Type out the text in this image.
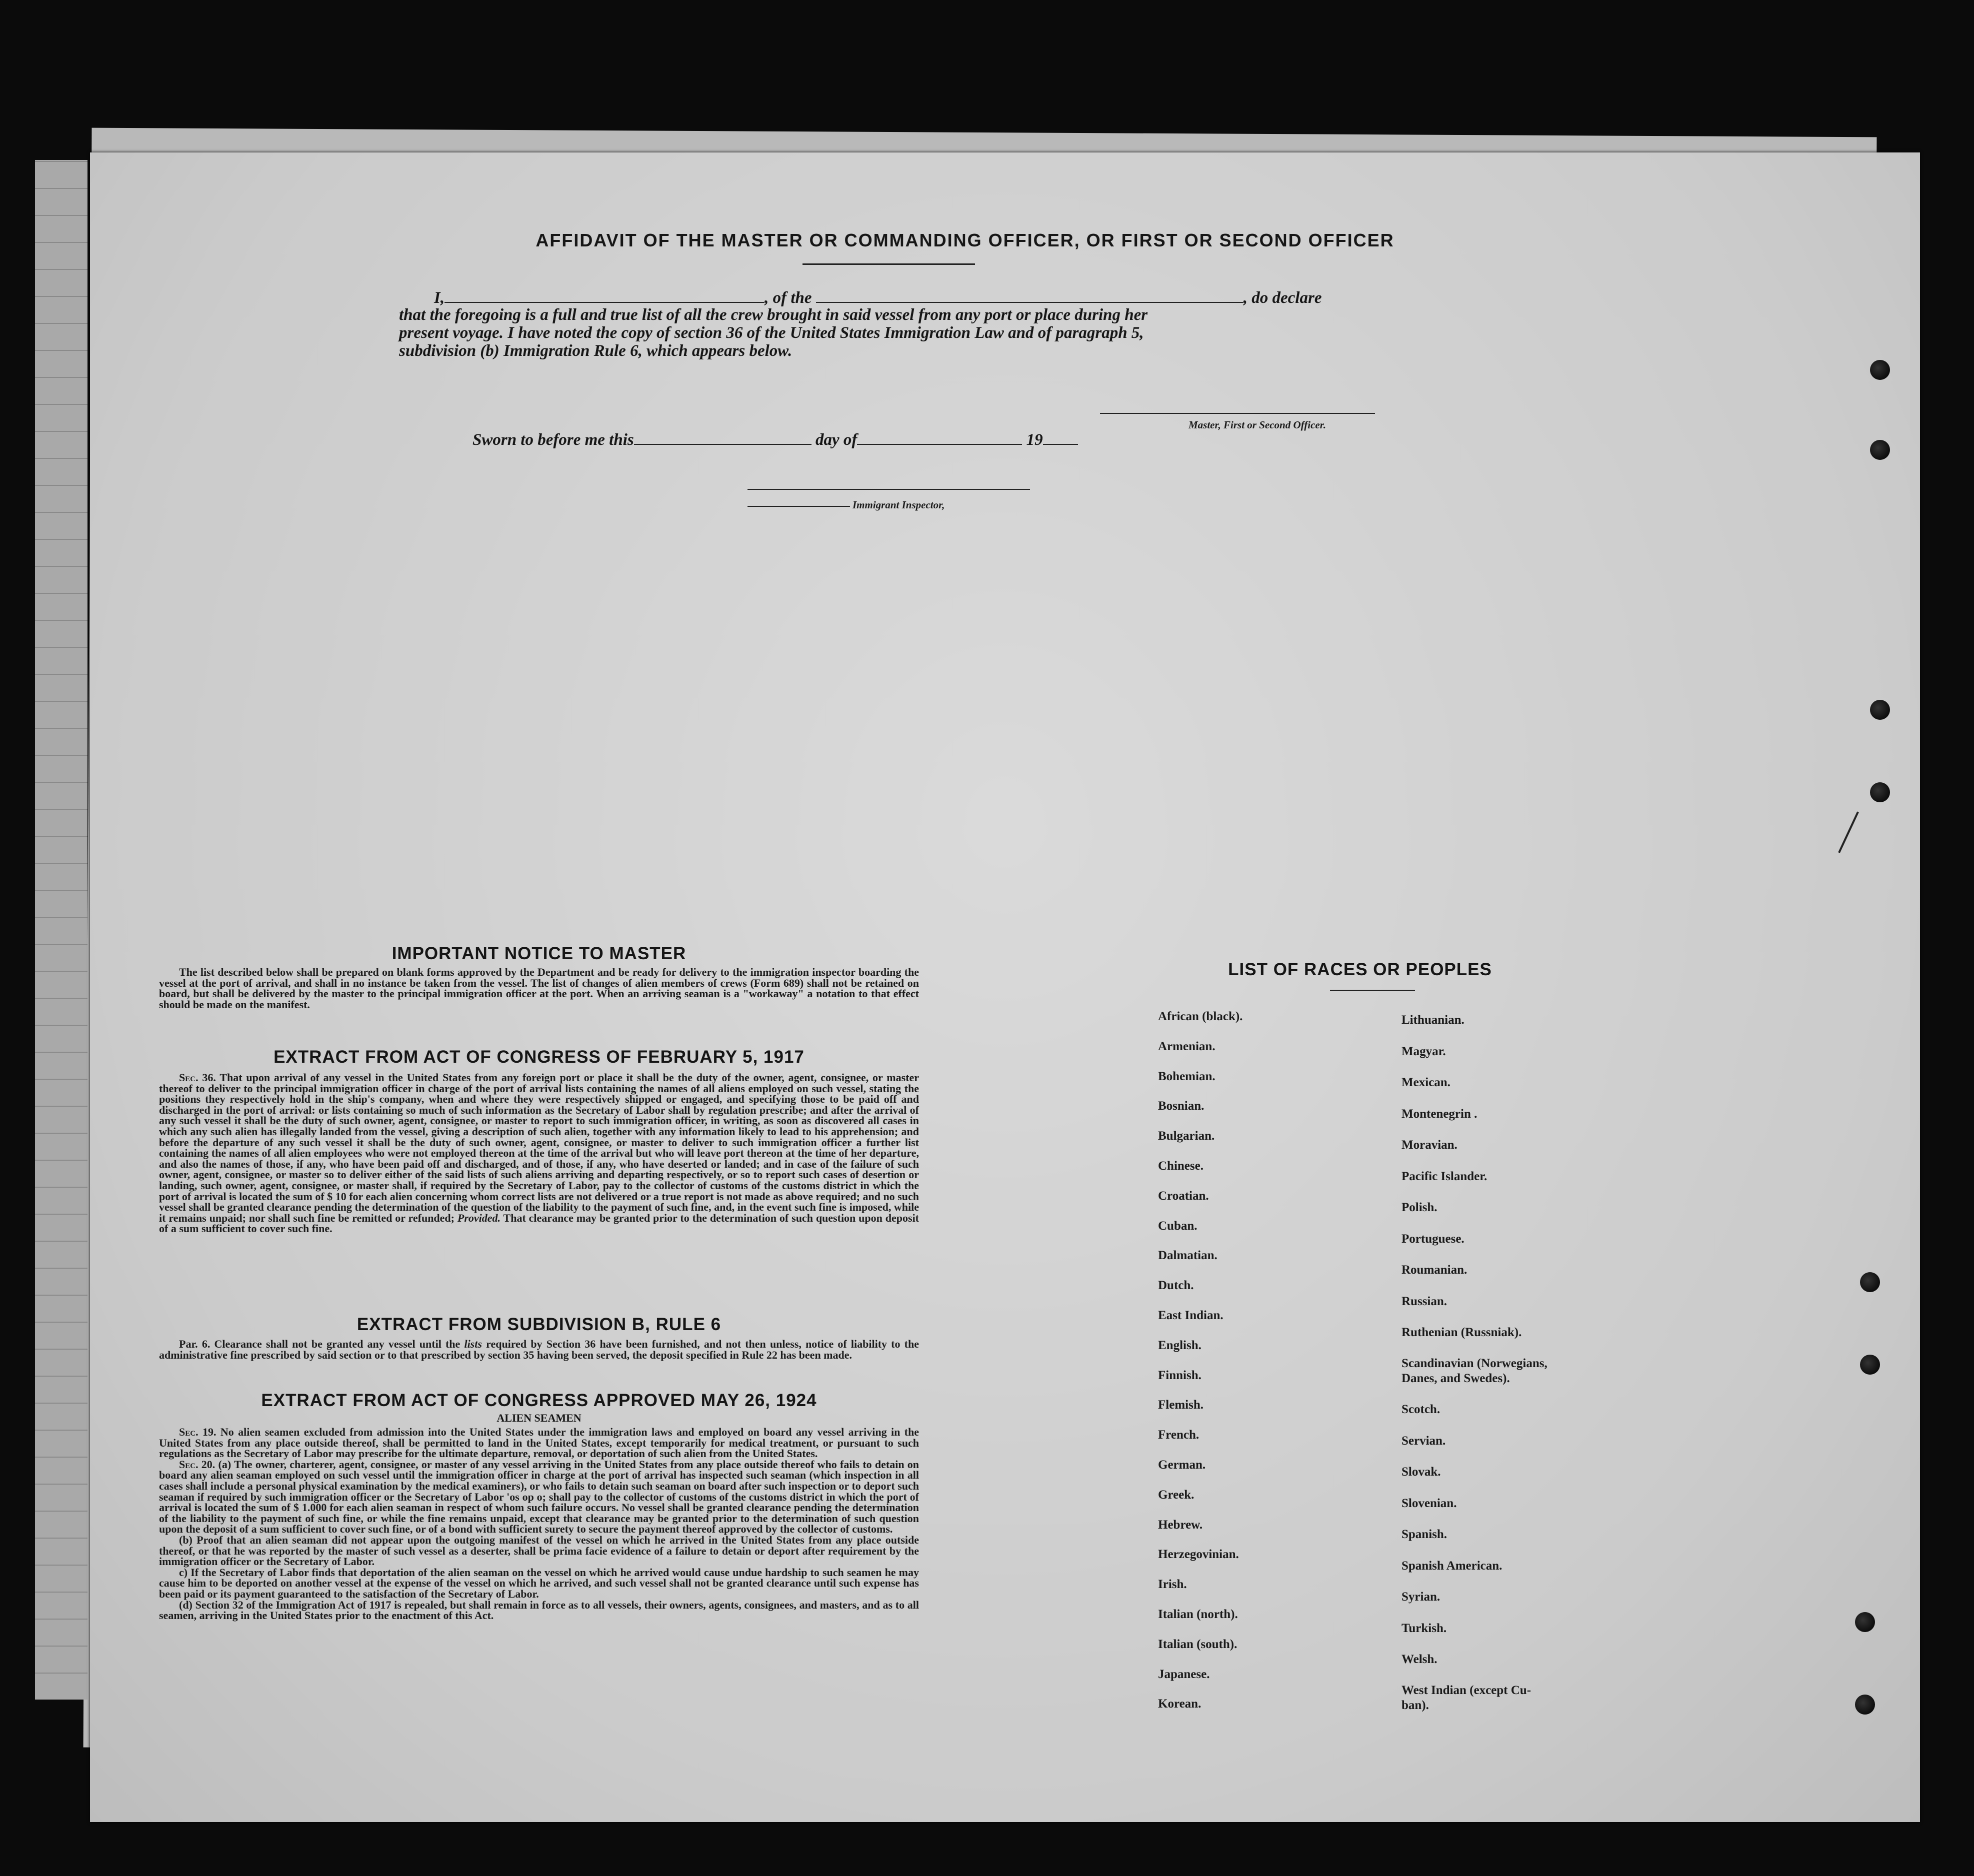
AFFIDAVIT OF THE MASTER OR COMMANDING OFFICER, OR FIRST OR SECOND OFFICER
I,	, of the	, do declare
that the foregoing is a full and true list of all the crew brought in said vessel from any port or place during her
present voyage. I have noted the copy of section 36 of the United States Immigration Law and of paragraph 5,
subdivision (b) Immigration Rule 6, which appears below.
Master, First or Second Officer.
Sworn to before me this	day of	19
Immigrant Inspector,
IMPORTANT NOTICE TO MASTER
The list described below shall be prepared on blank forms approved by the Department and be ready for delivery to the immigration inspector boarding the vessel at the port of arrival, and shall in no instance be taken from the vessel. The list of changes of alien members of crews (Form 689) shall not be retained on board, but shall be delivered by the master to the principal immigration officer at the port. When an arriving seaman is a "workaway" a notation to that effect should be made on the manifest.
EXTRACT FROM ACT OF CONGRESS OF FEBRUARY 5, 1917
Sec. 36. That upon arrival of any vessel in the United States from any foreign port or place it shall be the duty of the owner, agent, consignee, or master thereof to deliver to the principal immigration officer in charge of the port of arrival lists containing the names of all aliens employed on such vessel, stating the positions they respectively hold in the ship's company, when and where they were respectively shipped or engaged, and specifying those to be paid off and discharged in the port of arrival: or lists containing so much of such information as the Secretary of Labor shall by regulation prescribe; and after the arrival of any such vessel it shall be the duty of such owner, agent, consignee, or master to report to such immigration officer, in writing, as soon as discovered all cases in which any such alien has illegally landed from the vessel, giving a description of such alien, together with any information likely to lead to his apprehension; and before the departure of any such vessel it shall be the duty of such owner, agent, consignee, or master to deliver to such immigration officer a further list containing the names of all alien employees who were not employed thereon at the time of the arrival but who will leave port thereon at the time of her departure, and also the names of those, if any, who have been paid off and discharged, and of those, if any, who have deserted or landed; and in case of the failure of such owner, agent, consignee, or master so to deliver either of the said lists of such aliens arriving and departing respectively, or so to report such cases of desertion or landing, such owner, agent, consignee, or master shall, if required by the Secretary of Labor, pay to the collector of customs of the customs district in which the port of arrival is located the sum of $ 10 for each alien concerning whom correct lists are not delivered or a true report is not made as above required; and no such vessel shall be granted clearance pending the determination of the question of the liability to the payment of such fine, and, in the event such fine is imposed, while it remains unpaid; nor shall such fine be remitted or refunded; Provided. That clearance may be granted prior to the determination of such question upon deposit of a sum sufficient to cover such fine.
EXTRACT FROM SUBDIVISION B, RULE 6
Par. 6. Clearance shall not be granted any vessel until the lists required by Section 36 have been furnished, and not then unless, notice of liability to the administrative fine prescribed by said section or to that prescribed by section 35 having been served, the deposit specified in Rule 22 has been made.
EXTRACT FROM ACT OF CONGRESS APPROVED MAY 26, 1924
ALIEN SEAMEN
Sec. 19. No alien seamen excluded from admission into the United States under the immigration laws and employed on board any vessel arriving in the United States from any place outside thereof, shall be permitted to land in the United States, except temporarily for medical treatment, or pursuant to such regulations as the Secretary of Labor may prescribe for the ultimate departure, removal, or deportation of such alien from the United States.
Sec. 20. (a) The owner, charterer, agent, consignee, or master of any vessel arriving in the United States from any place outside thereof who fails to detain on board any alien seaman employed on such vessel until the immigration officer in charge at the port of arrival has inspected such seaman (which inspection in all cases shall include a personal physical examination by the medical examiners), or who fails to detain such seaman on board after such inspection or to deport such seaman if required by such immigration officer or the Secretary of Labor 'os op o; shall pay to the collector of customs of the customs district in which the port of arrival is located the sum of $ 1.000 for each alien seaman in respect of whom such failure occurs. No vessel shall be granted clearance pending the determination of the liability to the payment of such fine, or while the fine remains unpaid, except that clearance may be granted prior to the determination of such question upon the deposit of a sum sufficient to cover such fine, or of a bond with sufficient surety to secure the payment thereof approved by the collector of customs.
(b) Proof that an alien seaman did not appear upon the outgoing manifest of the vessel on which he arrived in the United States from any place outside thereof, or that he was reported by the master of such vessel as a deserter, shall be prima facie evidence of a failure to detain or deport after requirement by the immigration officer or the Secretary of Labor.
c) If the Secretary of Labor finds that deportation of the alien seaman on the vessel on which he arrived would cause undue hardship to such seamen he may cause him to be deported on another vessel at the expense of the vessel on which he arrived, and such vessel shall not be granted clearance until such expense has been paid or its payment guaranteed to the satisfaction of the Secretary of Labor.
(d) Section 32 of the Immigration Act of 1917 is repealed, but shall remain in force as to all vessels, their owners, agents, consignees, and masters, and as to all seamen, arriving in the United States prior to the enactment of this Act.
LIST OF RACES OR PEOPLES
African (black).
Armenian.
Bohemian.
Bosnian.
Bulgarian.
Chinese.
Croatian.
Cuban.
Dalmatian.
Dutch.
East Indian.
English.
Finnish.
Flemish.
French.
German.
Greek.
Hebrew.
Herzegovinian.
Irish.
Italian (north).
Italian (south).
Japanese.
Korean.
Lithuanian.
Magyar.
Mexican.
Montenegrin .
Moravian.
Pacific Islander.
Polish.
Portuguese.
Roumanian.
Russian.
Ruthenian (Russniak).
Scandinavian (Norwegians,
Danes, and Swedes).
Scotch.
Servian.
Slovak.
Slovenian.
Spanish.
Spanish American.
Syrian.
Turkish.
Welsh.
West Indian (except Cu-
ban).
